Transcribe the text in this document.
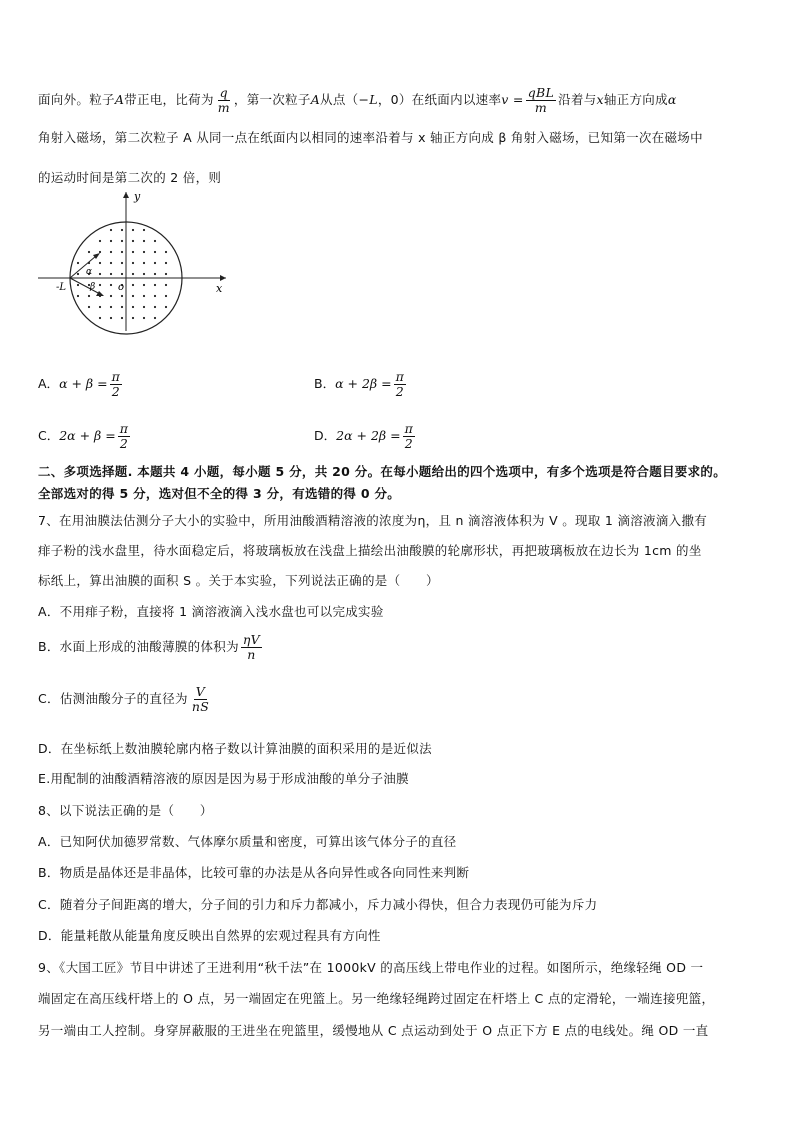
面向外。粒子A带正电，比荷为 $\frac{q}{m}$ ，第一次粒子A从点（−L，0）在纸面内以速率$v = \frac{\text{qBL}}{m}$ 沿着与x轴正方向成α
角射入磁场，第二次粒子 A 从同一点在纸面内以相同的速率沿着与 x 轴正方向成 β 角射入磁场，已知第一次在磁场中
的运动时间是第二次的 2 倍，则
y
x
o
-L
α
β
A．$\alpha + \beta = \frac{\pi}{2}$	B．$\alpha + 2\beta = \frac{\pi}{2}$
C．$2\alpha + \beta = \frac{\pi}{2}$	D．$2\alpha + 2\beta = \frac{\pi}{2}$
二、多项选择题. 本题共 4 小题，每小题 5 分，共 20 分。在每小题给出的四个选项中，有多个选项是符合题目要求的。
全部选对的得 5 分，选对但不全的得 3 分，有选错的得 0 分。
7、在用油膜法估测分子大小的实验中，所用油酸酒精溶液的浓度为η，且 n 滴溶液体积为 V 。现取 1 滴溶液滴入撒有
痱子粉的浅水盘里，待水面稳定后，将玻璃板放在浅盘上描绘出油酸膜的轮廓形状，再把玻璃板放在边长为 1cm 的坐
标纸上，算出油膜的面积 S 。关于本实验，下列说法正确的是（　　）
A．不用痱子粉，直接将 1 滴溶液滴入浅水盘也可以完成实验
B．水面上形成的油酸薄膜的体积为 $\frac{\eta V}{n}$
C．估测油酸分子的直径为 $\frac{V}{nS}$
D．在坐标纸上数油膜轮廓内格子数以计算油膜的面积采用的是近似法
E.用配制的油酸酒精溶液的原因是因为易于形成油酸的单分子油膜
8、以下说法正确的是（　　）
A．已知阿伏加德罗常数、气体摩尔质量和密度，可算出该气体分子的直径
B．物质是晶体还是非晶体，比较可靠的办法是从各向异性或各向同性来判断
C．随着分子间距离的增大，分子间的引力和斥力都减小，斥力减小得快，但合力表现仍可能为斥力
D．能量耗散从能量角度反映出自然界的宏观过程具有方向性
9、《大国工匠》节目中讲述了王进利用“秋千法”在 1000kV 的高压线上带电作业的过程。如图所示，绝缘轻绳 OD 一
端固定在高压线杆塔上的 O 点，另一端固定在兜篮上。另一绝缘轻绳跨过固定在杆塔上 C 点的定滑轮，一端连接兜篮，
另一端由工人控制。身穿屏蔽服的王进坐在兜篮里，缓慢地从 C 点运动到处于 O 点正下方 E 点的电线处。绳 OD 一直
